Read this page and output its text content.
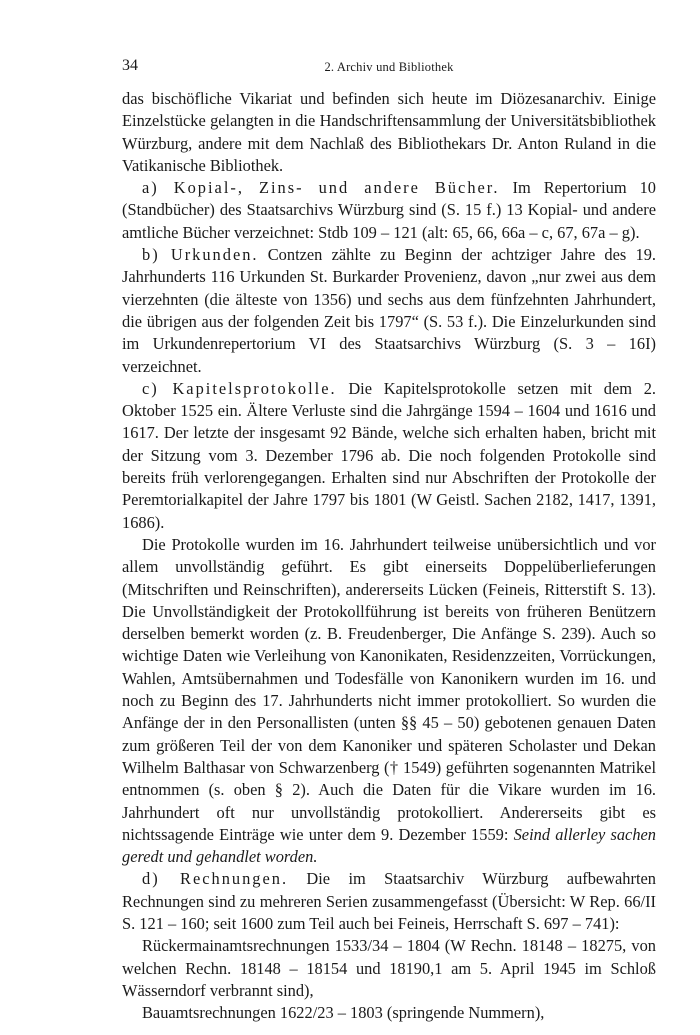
34	2. Archiv und Bibliothek

das bischöfliche Vikariat und befinden sich heute im Diözesanarchiv. Einige Einzelstücke gelangten in die Handschriftensammlung der Universitätsbibliothek Würzburg, andere mit dem Nachlaß des Bibliothekars Dr. Anton Ruland in die Vatikanische Bibliothek.

a) Kopial-, Zins- und andere Bücher. Im Repertorium 10 (Standbücher) des Staatsarchivs Würzburg sind (S. 15 f.) 13 Kopial- und andere amtliche Bücher verzeichnet: Stdb 109 – 121 (alt: 65, 66, 66a – c, 67, 67a – g).

b) Urkunden. Contzen zählte zu Beginn der achtziger Jahre des 19. Jahrhunderts 116 Urkunden St. Burkarder Provenienz, davon „nur zwei aus dem vierzehnten (die älteste von 1356) und sechs aus dem fünfzehnten Jahrhundert, die übrigen aus der folgenden Zeit bis 1797“ (S. 53 f.). Die Einzelurkunden sind im Urkundenrepertorium VI des Staatsarchivs Würzburg (S. 3 – 16I) verzeichnet.

c) Kapitelsprotokolle. Die Kapitelsprotokolle setzen mit dem 2. Oktober 1525 ein. Ältere Verluste sind die Jahrgänge 1594 – 1604 und 1616 und 1617. Der letzte der insgesamt 92 Bände, welche sich erhalten haben, bricht mit der Sitzung vom 3. Dezember 1796 ab. Die noch folgenden Protokolle sind bereits früh verlorengegangen. Erhalten sind nur Abschriften der Protokolle der Peremtorialkapitel der Jahre 1797 bis 1801 (W Geistl. Sachen 2182, 1417, 1391, 1686).

Die Protokolle wurden im 16. Jahrhundert teilweise unübersichtlich und vor allem unvollständig geführt. Es gibt einerseits Doppelüberlieferungen (Mitschriften und Reinschriften), andererseits Lücken (Feineis, Ritterstift S. 13). Die Unvollständigkeit der Protokollführung ist bereits von früheren Benützern derselben bemerkt worden (z. B. Freudenberger, Die Anfänge S. 239). Auch so wichtige Daten wie Verleihung von Kanonikaten, Residenzzeiten, Vorrückungen, Wahlen, Amtsübernahmen und Todesfälle von Kanonikern wurden im 16. und noch zu Beginn des 17. Jahrhunderts nicht immer protokolliert. So wurden die Anfänge der in den Personallisten (unten §§ 45 – 50) gebotenen genauen Daten zum größeren Teil der von dem Kanoniker und späteren Scholaster und Dekan Wilhelm Balthasar von Schwarzenberg († 1549) geführten sogenannten Matrikel entnommen (s. oben § 2). Auch die Daten für die Vikare wurden im 16. Jahrhundert oft nur unvollständig protokolliert. Andererseits gibt es nichtssagende Einträge wie unter dem 9. Dezember 1559: Seind allerley sachen geredt und gehandlet worden.

d) Rechnungen. Die im Staatsarchiv Würzburg aufbewahrten Rechnungen sind zu mehreren Serien zusammengefasst (Übersicht: W Rep. 66/II S. 121 – 160; seit 1600 zum Teil auch bei Feineis, Herrschaft S. 697 – 741):

Rückermainamtsrechnungen 1533/34 – 1804 (W Rechn. 18148 – 18275, von welchen Rechn. 18148 – 18154 und 18190,1 am 5. April 1945 im Schloß Wässerndorf verbrannt sind),

Bauamtsrechnungen 1622/23 – 1803 (springende Nummern),
